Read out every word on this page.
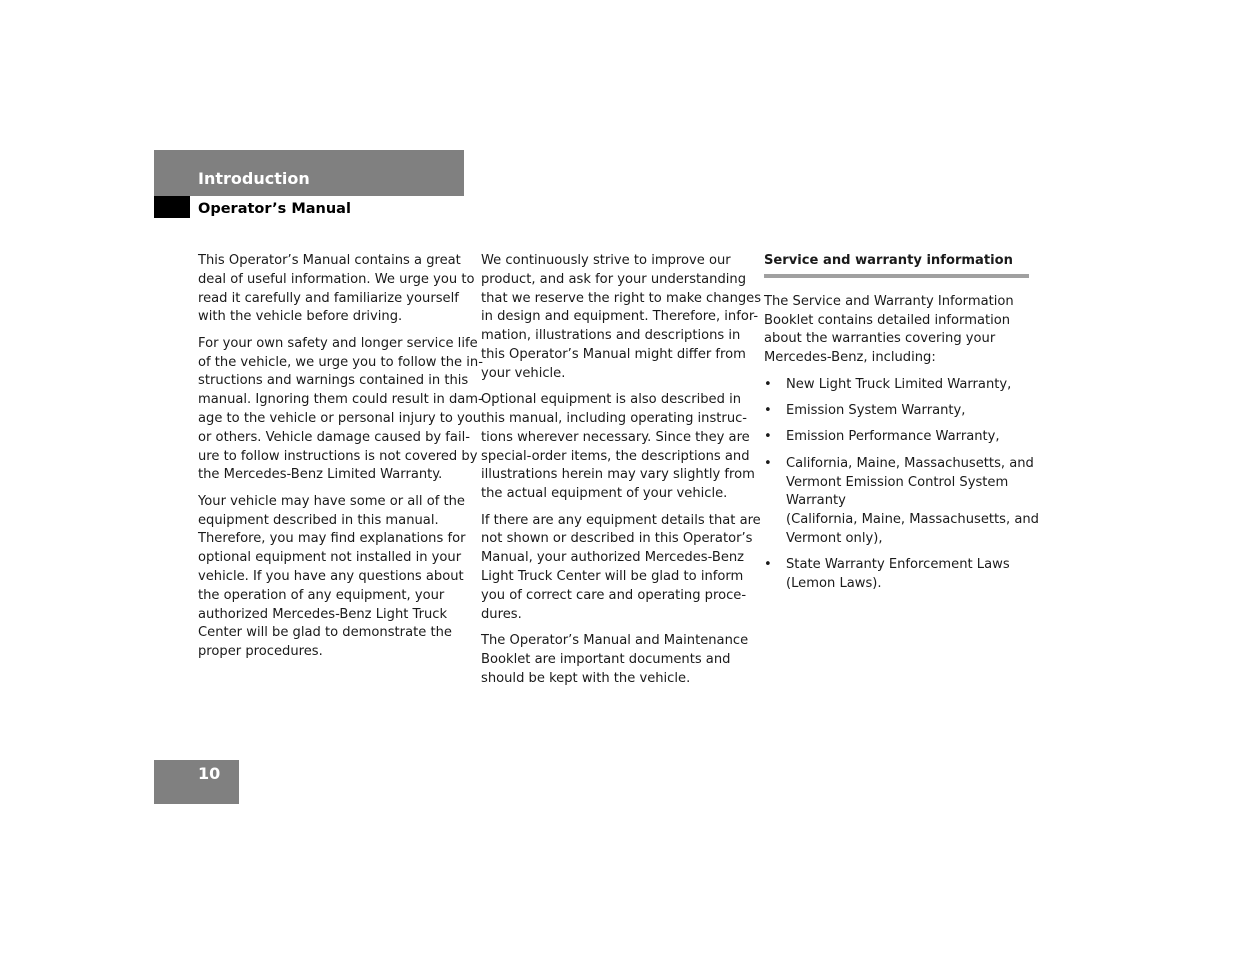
Introduction
Operator’s Manual

This Operator’s Manual contains a great
deal of useful information. We urge you to
read it carefully and familiarize yourself
with the vehicle before driving.

For your own safety and longer service life
of the vehicle, we urge you to follow the in-
structions and warnings contained in this
manual. Ignoring them could result in dam-
age to the vehicle or personal injury to you
or others. Vehicle damage caused by fail-
ure to follow instructions is not covered by
the Mercedes-Benz Limited Warranty.

Your vehicle may have some or all of the
equipment described in this manual.
Therefore, you may find explanations for
optional equipment not installed in your
vehicle. If you have any questions about
the operation of any equipment, your
authorized Mercedes-Benz Light Truck
Center will be glad to demonstrate the
proper procedures.

We continuously strive to improve our
product, and ask for your understanding
that we reserve the right to make changes
in design and equipment. Therefore, infor-
mation, illustrations and descriptions in
this Operator’s Manual might differ from
your vehicle.

Optional equipment is also described in
this manual, including operating instruc-
tions wherever necessary. Since they are
special-order items, the descriptions and
illustrations herein may vary slightly from
the actual equipment of your vehicle.

If there are any equipment details that are
not shown or described in this Operator’s
Manual, your authorized Mercedes-Benz
Light Truck Center will be glad to inform
you of correct care and operating proce-
dures.

The Operator’s Manual and Maintenance
Booklet are important documents and
should be kept with the vehicle.

Service and warranty information

The Service and Warranty Information
Booklet contains detailed information
about the warranties covering your
Mercedes-Benz, including:

• New Light Truck Limited Warranty,
• Emission System Warranty,
• Emission Performance Warranty,
• California, Maine, Massachusetts, and
Vermont Emission Control System
Warranty
(California, Maine, Massachusetts, and
Vermont only),
• State Warranty Enforcement Laws
(Lemon Laws).
10
